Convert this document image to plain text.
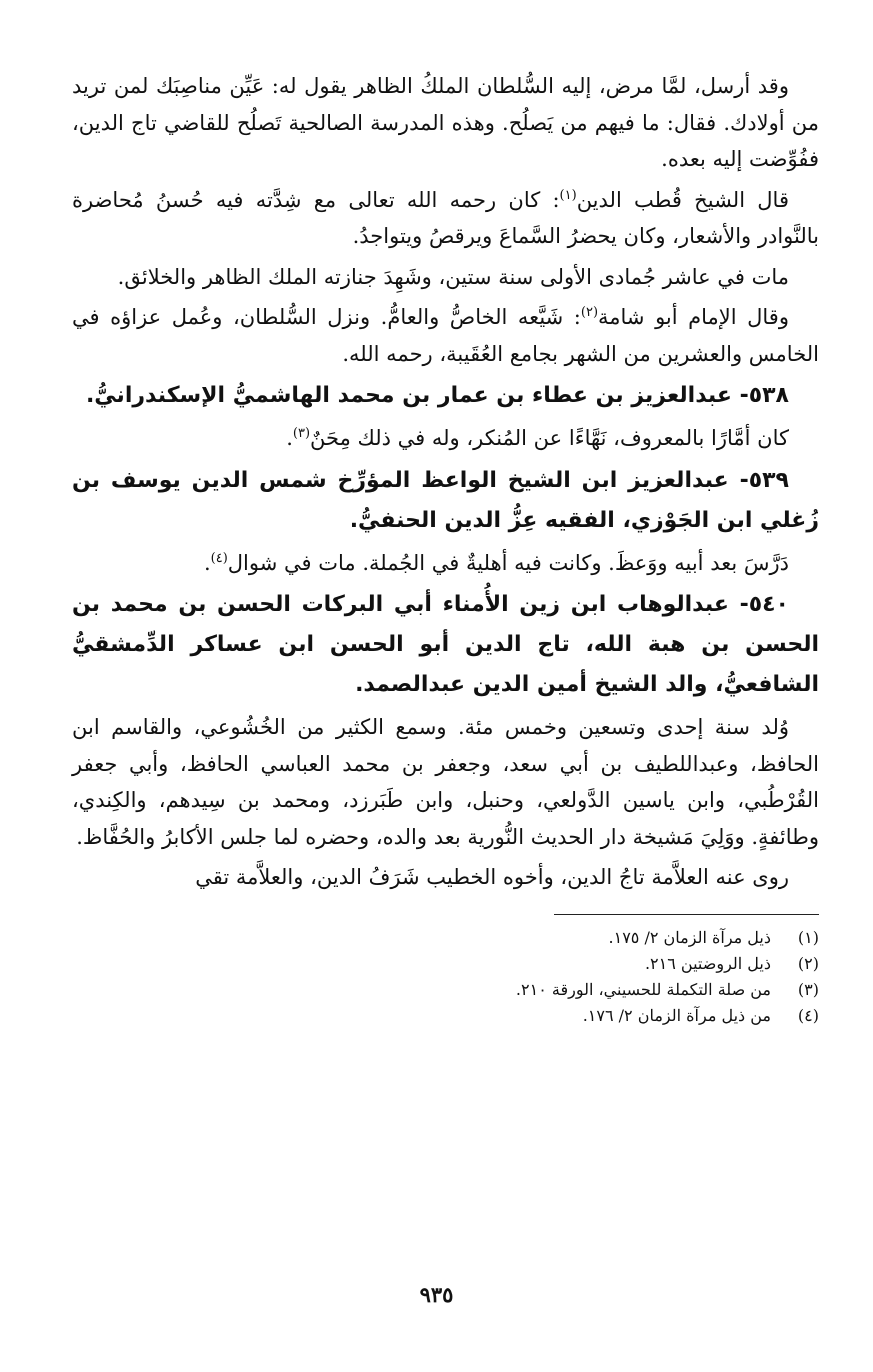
وقد أرسل، لمَّا مرض، إليه السُّلطان الملكُ الظاهر يقول له: عَيِّن مناصِبَك لمن تريد من أولادك. فقال: ما فيهم من يَصلُح. وهذه المدرسة الصالحية تَصلُح للقاضي تاج الدين، ففُوِّضت إليه بعده.

قال الشيخ قُطب الدين$^{(١)}$: كان رحمه الله تعالى مع شِدَّته فيه حُسنُ مُحاضرة بالنَّوادر والأشعار، وكان يحضرُ السَّماعَ ويرقصُ ويتواجدُ.

مات في عاشر جُمادى الأولى سنة ستين، وشَهِدَ جنازته الملك الظاهر والخلائق.

وقال الإمام أبو شامة$^{(٢)}$: شَيَّعه الخاصُّ والعامُّ. ونزل السُّلطان، وعُمل عزاؤه في الخامس والعشرين من الشهر بجامع العُقَيبة، رحمه الله.

٥٣٨- عبدالعزيز بن عطاء بن عمار بن محمد الهاشميُّ الإسكندرانيُّ.

كان أمَّارًا بالمعروف، نَهَّاءًا عن المُنكر، وله في ذلك مِحَنٌ$^{(٣)}$.

٥٣٩- عبدالعزيز ابن الشيخ الواعظ المؤرِّخ شمس الدين يوسف بن زُغلي ابن الجَوْزي، الفقيه عِزُّ الدين الحنفيُّ.

دَرَّسَ بعد أبيه ووَعظَ. وكانت فيه أهليةٌ في الجُملة. مات في شوال$^{(٤)}$.

٥٤٠- عبدالوهاب ابن زين الأُمناء أبي البركات الحسن بن محمد بن الحسن بن هبة الله، تاج الدين أبو الحسن ابن عساكر الدِّمشقيُّ الشافعيُّ، والد الشيخ أمين الدين عبدالصمد.

وُلد سنة إحدى وتسعين وخمس مئة. وسمع الكثير من الخُشُوعي، والقاسم ابن الحافظ، وعبداللطيف بن أبي سعد، وجعفر بن محمد العباسي الحافظ، وأبي جعفر القُرْطُبي، وابن ياسين الدَّولعي، وحنبل، وابن طَبَرزد، ومحمد بن سِيدهم، والكِندي، وطائفةٍ. ووَلِيَ مَشيخة دار الحديث النُّورية بعد والده، وحضره لما جلس الأكابرُ والحُفَّاظ.

روى عنه العلاَّمة تاجُ الدين، وأخوه الخطيب شَرَفُ الدين، والعلاَّمة تقي

(١)
ذيل مرآة الزمان ٢/ ١٧٥.
(٢)
ذيل الروضتين ٢١٦.
(٣)
من صلة التكملة للحسيني، الورقة ٢١٠.
(٤)
من ذيل مرآة الزمان ٢/ ١٧٦.
٩٣٥
